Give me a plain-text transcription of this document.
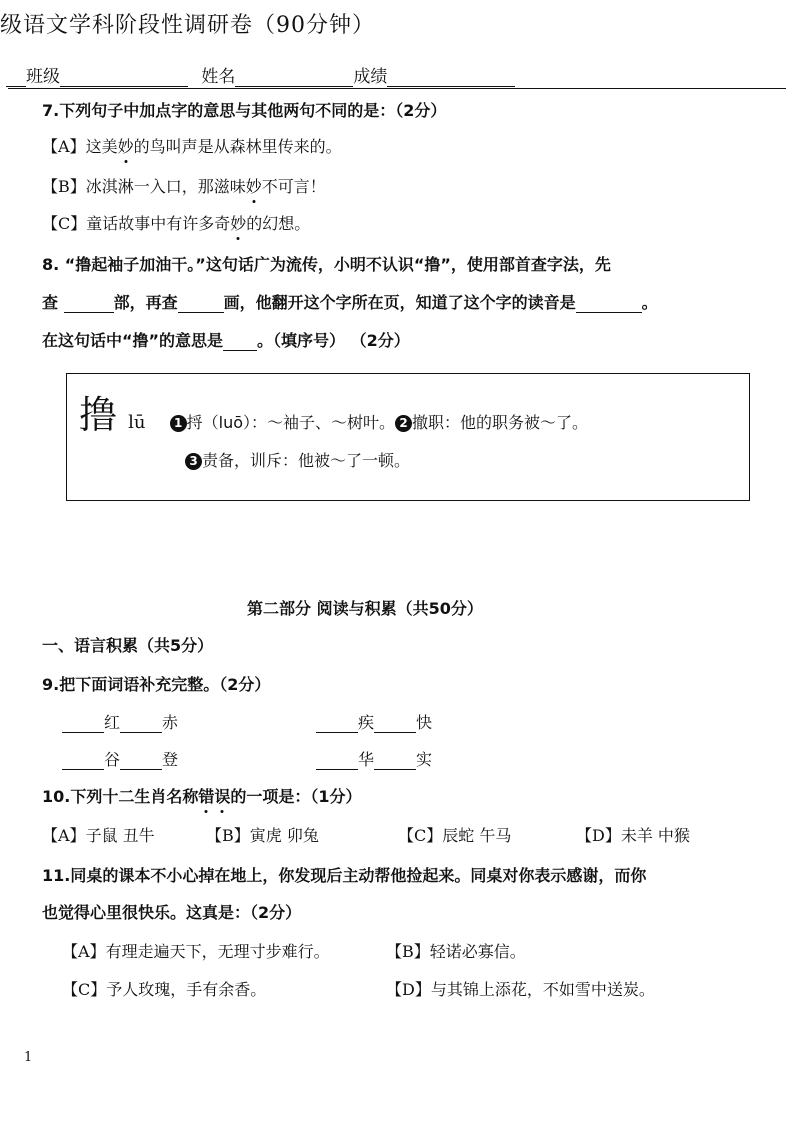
级语文学科阶段性调研卷（90分钟）
班级	姓名	成绩
7.下列句子中加点字的意思与其他两句不同的是：（2分）
【A】这美妙的鸟叫声是从森林里传来的。
【B】冰淇淋一入口，那滋味妙不可言！
【C】童话故事中有许多奇妙的幻想。
8. “撸起袖子加油干。”这句话广为流传，小明不认识“撸”，使用部首查字法，先
查	部，再查	画，他翻开这个字所在页，知道了这个字的读音是	。
在这句话中“撸”的意思是 。（填序号） （2分）
撸 lū 1 捋（luō）：～袖子、～树叶。 2 撤职：他的职务被～了。
3 责备，训斥：他被～了一顿。
第二部分 阅读与积累（共50分）
一、语言积累（共5分）
9.把下面词语补充完整。（2分）
红	赤	疾	快
谷	登	华	实
10.下列十二生肖名称错误的一项是：（1分）
【A】子鼠 丑牛	【B】寅虎 卯兔	【C】辰蛇 午马	【D】未羊 中猴
11.同桌的课本不小心掉在地上，你发现后主动帮他捡起来。同桌对你表示感谢，而你
也觉得心里很快乐。这真是：（2分）
【A】有理走遍天下，无理寸步难行。	【B】轻诺必寡信。
【C】予人玫瑰，手有余香。	【D】与其锦上添花，不如雪中送炭。
1
